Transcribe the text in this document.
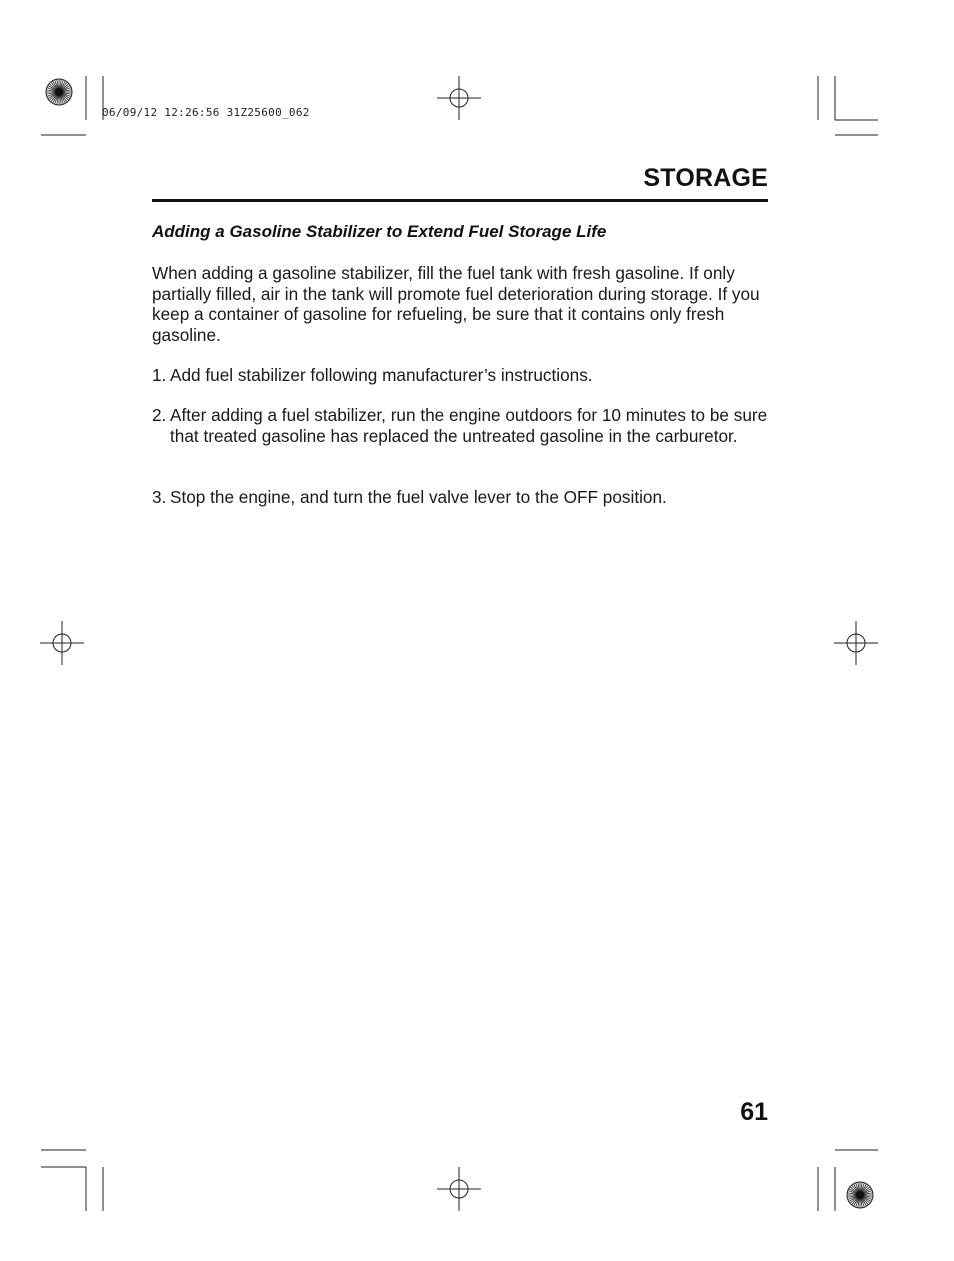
06/09/12 12:26:56 31Z25600_062
STORAGE
Adding a Gasoline Stabilizer to Extend Fuel Storage Life
When adding a gasoline stabilizer, fill the fuel tank with fresh gasoline. If only partially filled, air in the tank will promote fuel deterioration during storage. If you keep a container of gasoline for refueling, be sure that it contains only fresh gasoline.
1. Add fuel stabilizer following manufacturer’s instructions.
2. After adding a fuel stabilizer, run the engine outdoors for 10 minutes to be sure that treated gasoline has replaced the untreated gasoline in the carburetor.
3. Stop the engine, and turn the fuel valve lever to the OFF position.
61
